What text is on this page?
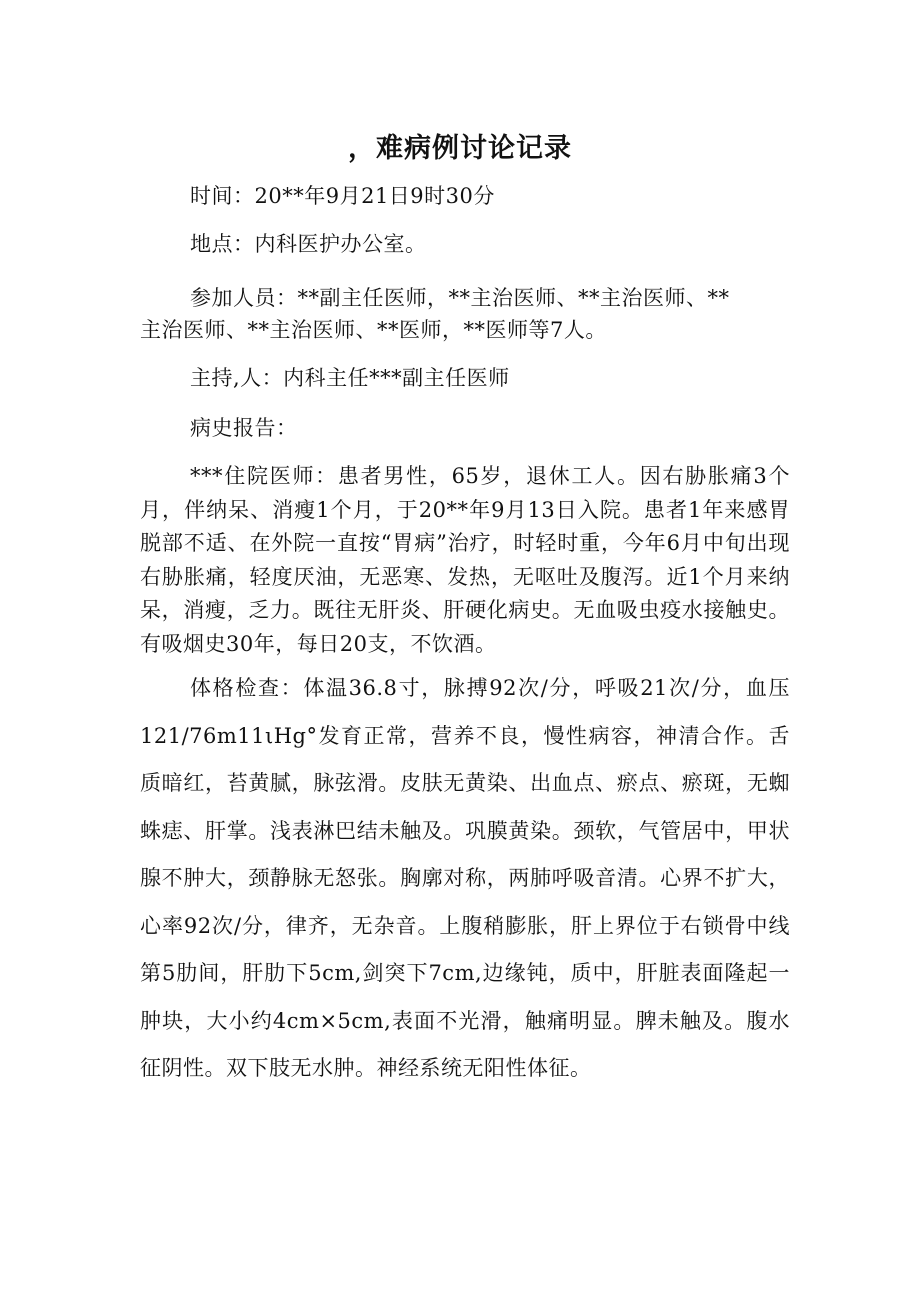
，难病例讨论记录
时间：20**年9月21日9时30分
地点：内科医护办公室。
参加人员：**副主任医师，**主治医师、**主治医师、**
主治医师、**主治医师、**医师，**医师等7人。
主持,人：内科主任***副主任医师
病史报告：
***住院医师：患者男性，65岁，退休工人。因右胁胀痛3个月，伴纳呆、消瘦1个月，于20**年9月13日入院。患者1年来感胃脱部不适、在外院一直按“胃病”治疗，时轻时重，今年6月中旬出现右胁胀痛，轻度厌油，无恶寒、发热，无呕吐及腹泻。近1个月来纳呆，消瘦，乏力。既往无肝炎、肝硬化病史。无血吸虫疫水接触史。有吸烟史30年，每日20支，不饮酒。
体格检查：体温36.8寸，脉搏92次/分，呼吸21次/分，血压121/76m11ιHg°发育正常，营养不良，慢性病容，神清合作。舌质暗红，苔黄腻，脉弦滑。皮肤无黄染、出血点、瘀点、瘀斑，无蜘蛛痣、肝掌。浅表淋巴结未触及。巩膜黄染。颈软，气管居中，甲状腺不肿大，颈静脉无怒张。胸廓对称，两肺呼吸音清。心界不扩大，心率92次/分，律齐，无杂音。上腹稍膨胀，肝上界位于右锁骨中线第5肋间，肝肋下5cm,剑突下7cm,边缘钝，质中，肝脏表面隆起一肿块，大小约4cm×5cm,表面不光滑，触痛明显。脾未触及。腹水征阴性。双下肢无水肿。神经系统无阳性体征。
